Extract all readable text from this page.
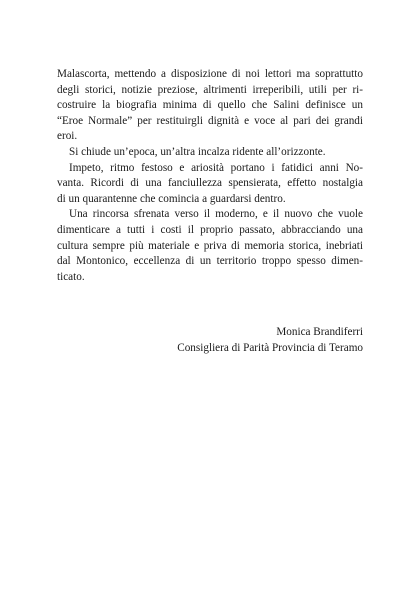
Malascorta, mettendo a disposizione di noi lettori ma soprattutto
degli storici, notizie preziose, altrimenti irreperibili, utili per ri-
costruire la biografia minima di quello che Salini definisce un
“Eroe Normale” per restituirgli dignità e voce al pari dei grandi
eroi.
Si chiude un’epoca, un’altra incalza ridente all’orizzonte.
Impeto, ritmo festoso e ariosità portano i fatidici anni No-
vanta. Ricordi di una fanciullezza spensierata, effetto nostalgia
di un quarantenne che comincia a guardarsi dentro.
Una rincorsa sfrenata verso il moderno, e il nuovo che vuole
dimenticare a tutti i costi il proprio passato, abbracciando una
cultura sempre più materiale e priva di memoria storica, inebriati
dal Montonico, eccellenza di un territorio troppo spesso dimen-
ticato.
Monica Brandiferri
Consigliera di Parità Provincia di Teramo
